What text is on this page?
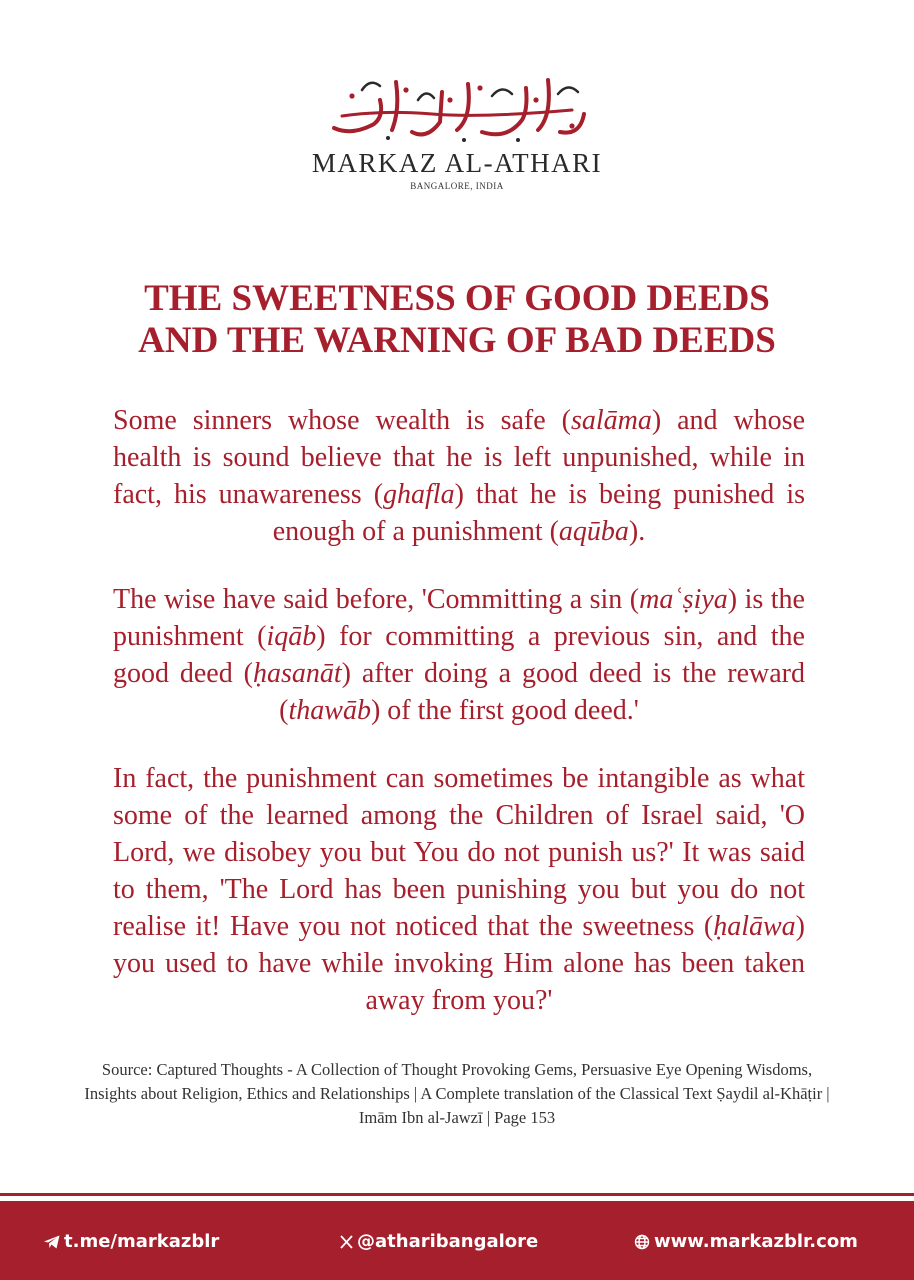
MARKAZ AL-ATHARI
BANGALORE, INDIA
THE SWEETNESS OF GOOD DEEDS
AND THE WARNING OF BAD DEEDS

Some sinners whose wealth is safe (salāma) and whose health is sound believe that he is left unpunished, while in fact, his unawareness (ghafla) that he is being punished is enough of a punishment (aqūba).

The wise have said before, 'Committing a sin (maʿṣiya) is the punishment (iqāb) for committing a previous sin, and the good deed (ḥasanāt) after doing a good deed is the reward (thawāb) of the first good deed.'

In fact, the punishment can sometimes be intangible as what some of the learned among the Children of Israel said, 'O Lord, we disobey you but You do not punish us?' It was said to them, 'The Lord has been punishing you but you do not realise it! Have you not noticed that the sweetness (ḥalāwa) you used to have while invoking Him alone has been taken away from you?'

Source: Captured Thoughts - A Collection of Thought Provoking Gems, Persuasive Eye Opening Wisdoms, Insights about Religion, Ethics and Relationships | A Complete translation of the Classical Text Ṣaydil al-Khāṭir | Imām Ibn al-Jawzī | Page 153
t.me/markazblr	@atharibangalore	www.markazblr.com
